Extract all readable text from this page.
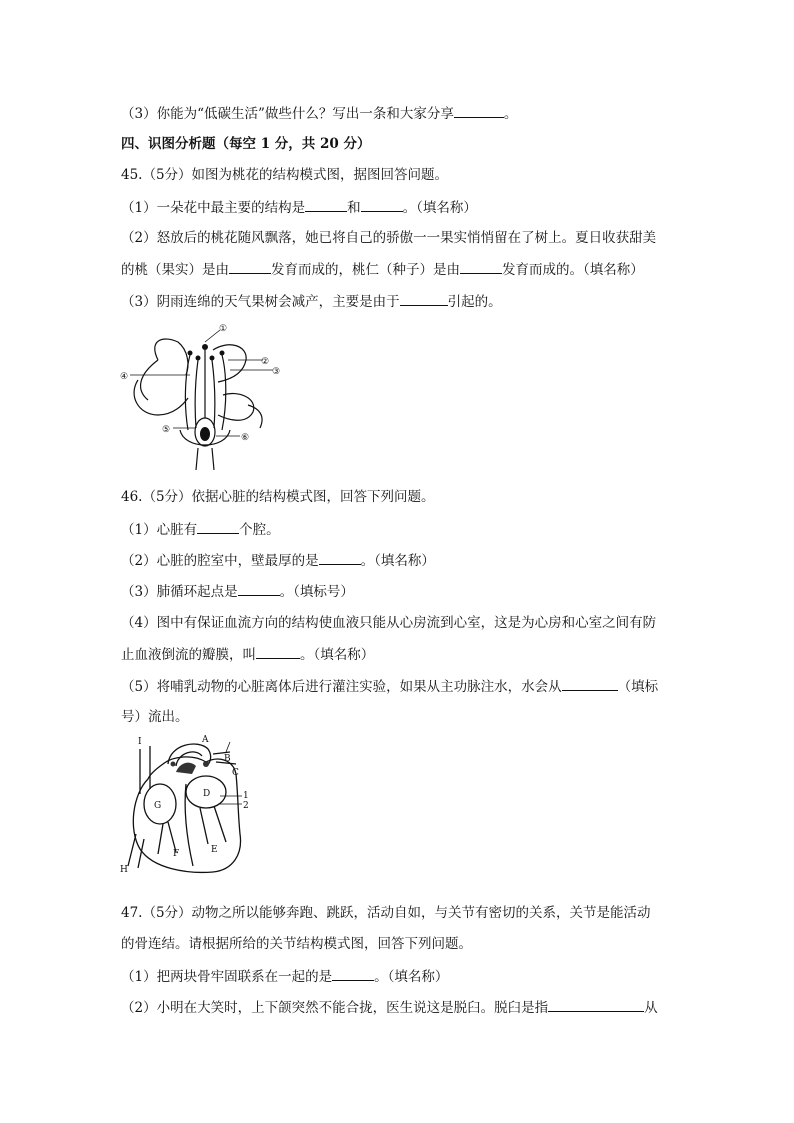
（3）你能为“低碳生活”做些什么？写出一条和大家分享	。
四、识图分析题（每空 1 分，共 20 分）
45.（5分）如图为桃花的结构模式图，据图回答问题。
（1）一朵花中最主要的结构是	和	。（填名称）
（2）怒放后的桃花随风飘落，她已将自己的骄傲一一果实悄悄留在了树上。夏日收获甜美
的桃（果实）是由	发育而成的，桃仁（种子）是由	发育而成的。（填名称）
（3）阴雨连绵的天气果树会减产，主要是由于	引起的。
①
②
③
④
⑤
⑥
46.（5分）依据心脏的结构模式图，回答下列问题。
（1）心脏有	个腔。
（2）心脏的腔室中，壁最厚的是	。（填名称）
（3）肺循环起点是	。（填标号）
（4）图中有保证血流方向的结构使血液只能从心房流到心室，这是为心房和心室之间有防
止血液倒流的瓣膜，叫	。（填名称）
（5）将哺乳动物的心脏离体后进行灌注实验，如果从主功脉注水，水会从	（填标
号）流出。
I	A
B
C
D
G
1
2
F	E
H
47.（5分）动物之所以能够奔跑、跳跃，活动自如，与关节有密切的关系，关节是能活动
的骨连结。请根据所给的关节结构模式图，回答下列问题。
（1）把两块骨牢固联系在一起的是	。（填名称）
（2）小明在大笑时，上下颌突然不能合拢，医生说这是脱臼。脱臼是指	从
